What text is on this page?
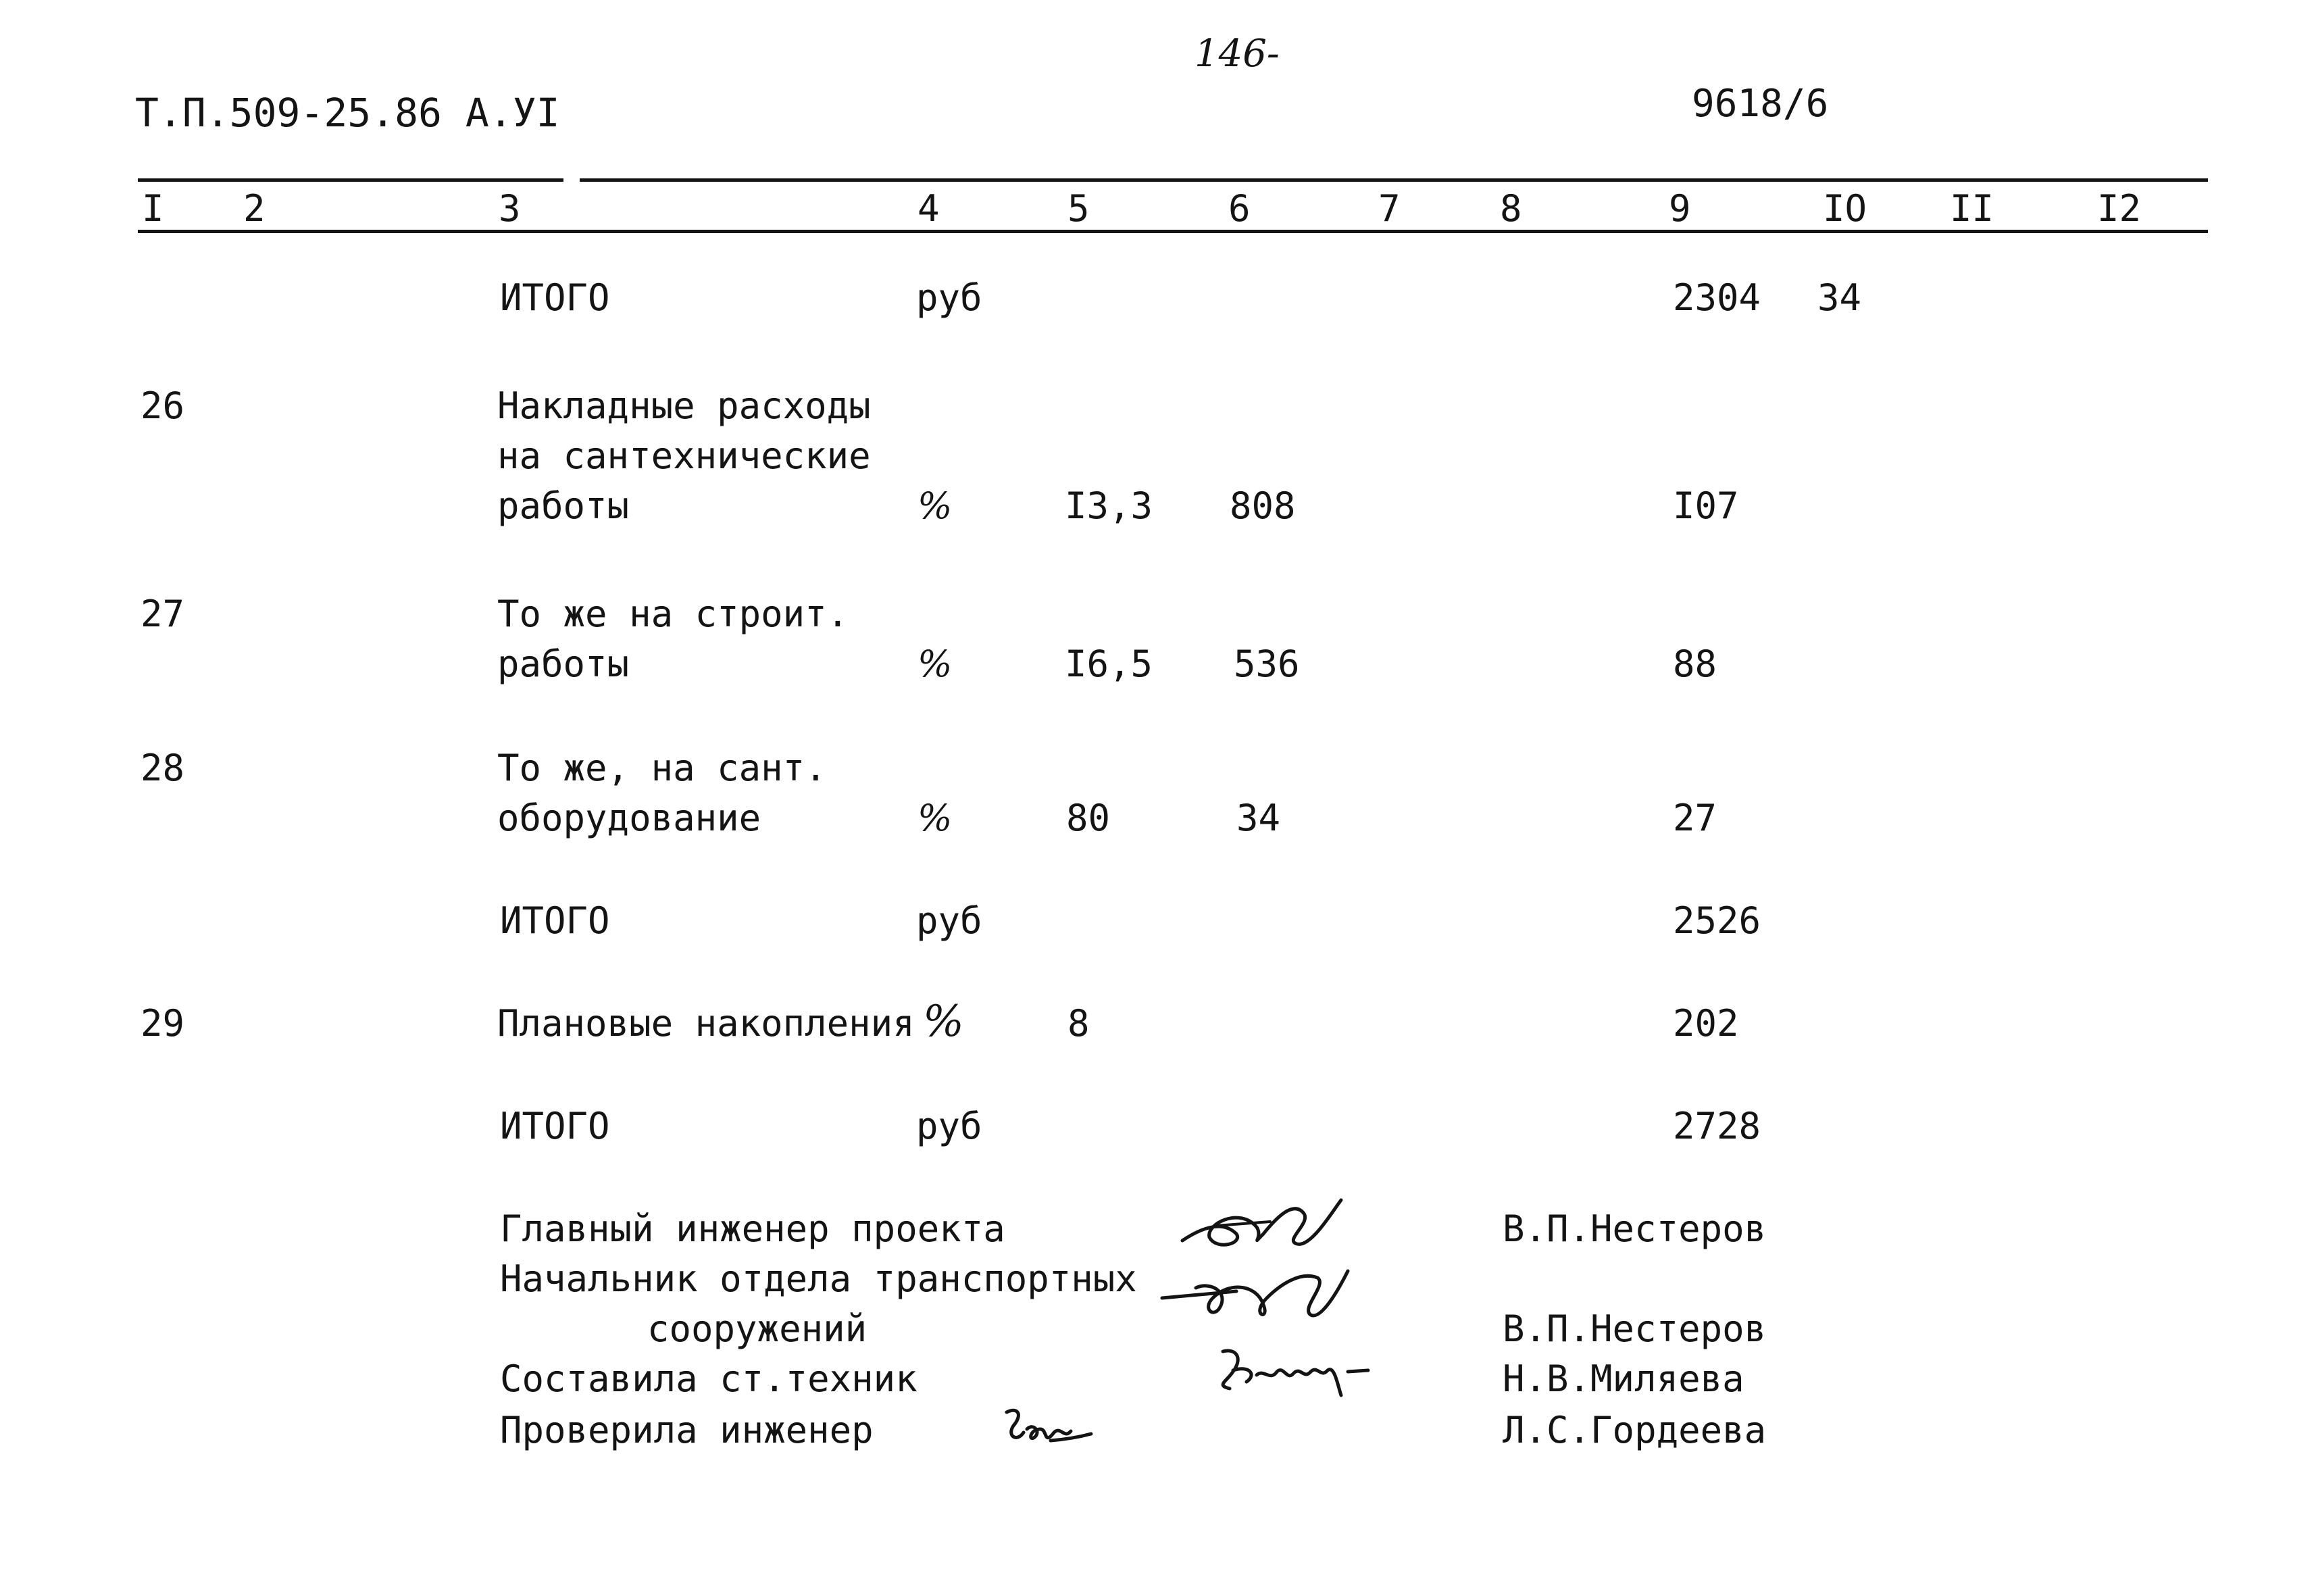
146-
Т.П.509-25.86 А.УI	9618/6
I 2	3	4	5	6	7	8	9	IO II	I2
ИТОГО	руб	2304 34
26	Накладные расходы
на сантехнические
работы	%	I3,3 808	I07
27	То же на строит.
работы	%	I6,5 536	88
28	То же, на сант.
оборудование	%	80	34	27
ИТОГО	руб	2526
29	Плановые накопления %	8	202
ИТОГО	руб	2728
Главный инженер проекта	В.П.Нестеров
Начальник отдела транспортных
сооружений	В.П.Нестеров
Составила ст.техник	Н.В.Миляева
Проверила инженер	Л.С.Гордеева
